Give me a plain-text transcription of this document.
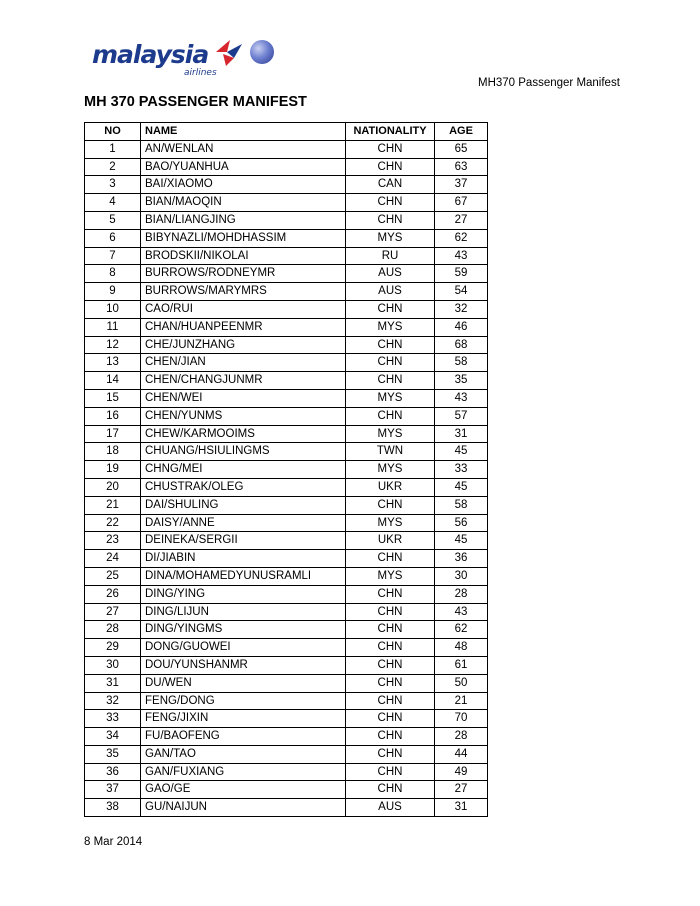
malaysia
airlines
MH370 Passenger Manifest
MH 370 PASSENGER MANIFEST
NO	NAME	NATIONALITY	AGE
1	AN/WENLAN	CHN	65
2	BAO/YUANHUA	CHN	63
3	BAI/XIAOMO	CAN	37
4	BIAN/MAOQIN	CHN	67
5	BIAN/LIANGJING	CHN	27
6	BIBYNAZLI/MOHDHASSIM	MYS	62
7	BRODSKII/NIKOLAI	RU	43
8	BURROWS/RODNEYMR	AUS	59
9	BURROWS/MARYMRS	AUS	54
10	CAO/RUI	CHN	32
11	CHAN/HUANPEENMR	MYS	46
12	CHE/JUNZHANG	CHN	68
13	CHEN/JIAN	CHN	58
14	CHEN/CHANGJUNMR	CHN	35
15	CHEN/WEI	MYS	43
16	CHEN/YUNMS	CHN	57
17	CHEW/KARMOOIMS	MYS	31
18	CHUANG/HSIULINGMS	TWN	45
19	CHNG/MEI	MYS	33
20	CHUSTRAK/OLEG	UKR	45
21	DAI/SHULING	CHN	58
22	DAISY/ANNE	MYS	56
23	DEINEKA/SERGII	UKR	45
24	DI/JIABIN	CHN	36
25	DINA/MOHAMEDYUNUSRAMLI	MYS	30
26	DING/YING	CHN	28
27	DING/LIJUN	CHN	43
28	DING/YINGMS	CHN	62
29	DONG/GUOWEI	CHN	48
30	DOU/YUNSHANMR	CHN	61
31	DU/WEN	CHN	50
32	FENG/DONG	CHN	21
33	FENG/JIXIN	CHN	70
34	FU/BAOFENG	CHN	28
35	GAN/TAO	CHN	44
36	GAN/FUXIANG	CHN	49
37	GAO/GE	CHN	27
38	GU/NAIJUN	AUS	31
8 Mar 2014
